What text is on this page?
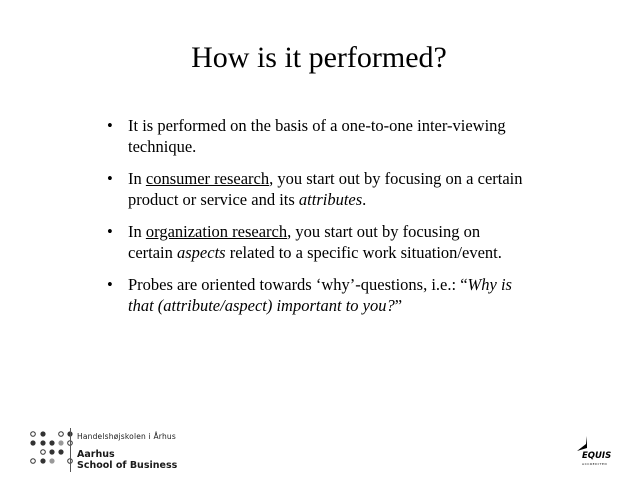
How is it performed?
• It is performed on the basis of a one-to-one inter-viewing technique.
• In consumer research, you start out by focusing on a certain product or service and its attributes.
• In organization research, you start out by focusing on certain aspects related to a specific work situation/event.
• Probes are oriented towards ‘why’-questions, i.e.: “Why is that (attribute/aspect) important to you?”
Handelshøjskolen i Århus
Aarhus
School of Business
EQUIS
ACCREDITED
